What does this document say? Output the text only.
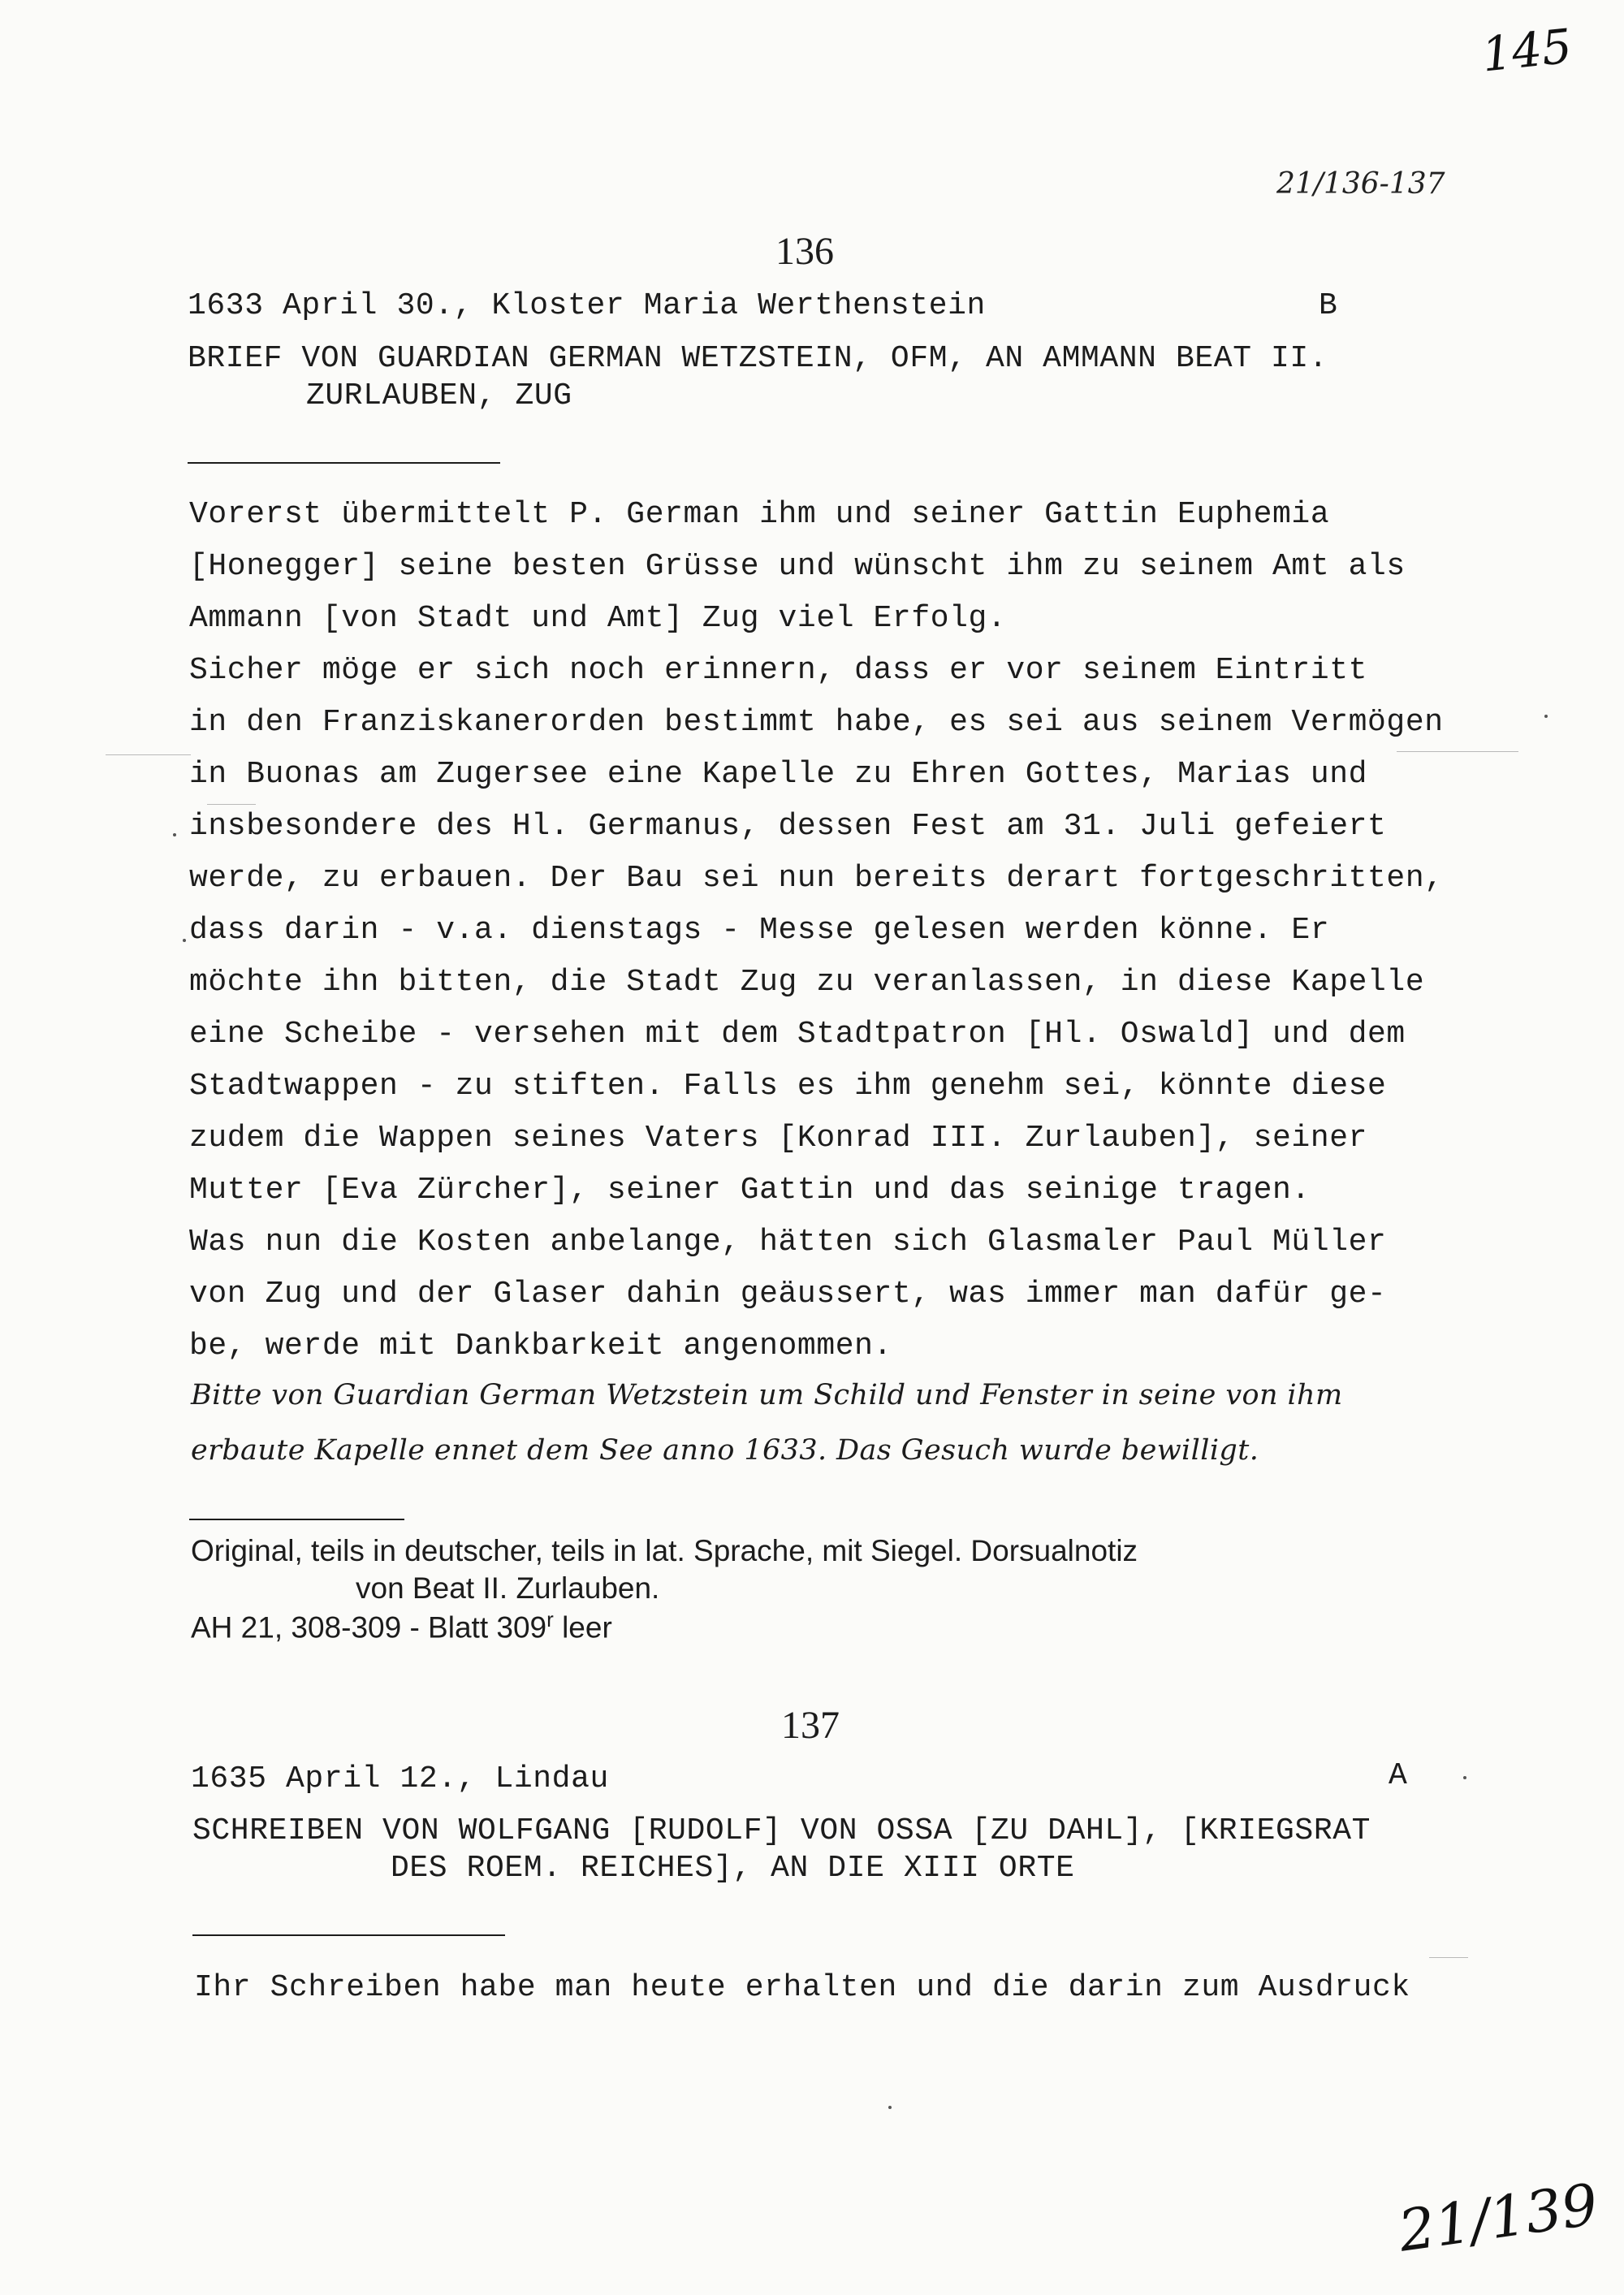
145
21/136-137
136
1633 April 30., Kloster Maria Werthenstein	B
BRIEF VON GUARDIAN GERMAN WETZSTEIN, OFM, AN AMMANN BEAT II.
ZURLAUBEN, ZUG
Vorerst übermittelt P. German ihm und seiner Gattin Euphemia
[Honegger] seine besten Grüsse und wünscht ihm zu seinem Amt als
Ammann [von Stadt und Amt] Zug viel Erfolg.
Sicher möge er sich noch erinnern, dass er vor seinem Eintritt
in den Franziskanerorden bestimmt habe, es sei aus seinem Vermögen
in Buonas am Zugersee eine Kapelle zu Ehren Gottes, Marias und
insbesondere des Hl. Germanus, dessen Fest am 31. Juli gefeiert
werde, zu erbauen. Der Bau sei nun bereits derart fortgeschritten,
dass darin - v.a. dienstags - Messe gelesen werden könne. Er
möchte ihn bitten, die Stadt Zug zu veranlassen, in diese Kapelle
eine Scheibe - versehen mit dem Stadtpatron [Hl. Oswald] und dem
Stadtwappen - zu stiften. Falls es ihm genehm sei, könnte diese
zudem die Wappen seines Vaters [Konrad III. Zurlauben], seiner
Mutter [Eva Zürcher], seiner Gattin und das seinige tragen.
Was nun die Kosten anbelange, hätten sich Glasmaler Paul Müller
von Zug und der Glaser dahin geäussert, was immer man dafür ge-
be, werde mit Dankbarkeit angenommen.
Bitte von Guardian German Wetzstein um Schild und Fenster in seine von ihm
erbaute Kapelle ennet dem See anno 1633. Das Gesuch wurde bewilligt.
Original, teils in deutscher, teils in lat. Sprache, mit Siegel. Dorsualnotiz
von Beat II. Zurlauben.
AH 21, 308-309 - Blatt 309$^r$ leer
137
1635 April 12., Lindau	A
SCHREIBEN VON WOLFGANG [RUDOLF] VON OSSA [ZU DAHL], [KRIEGSRAT
DES ROEM. REICHES], AN DIE XIII ORTE
Ihr Schreiben habe man heute erhalten und die darin zum Ausdruck
21/139
